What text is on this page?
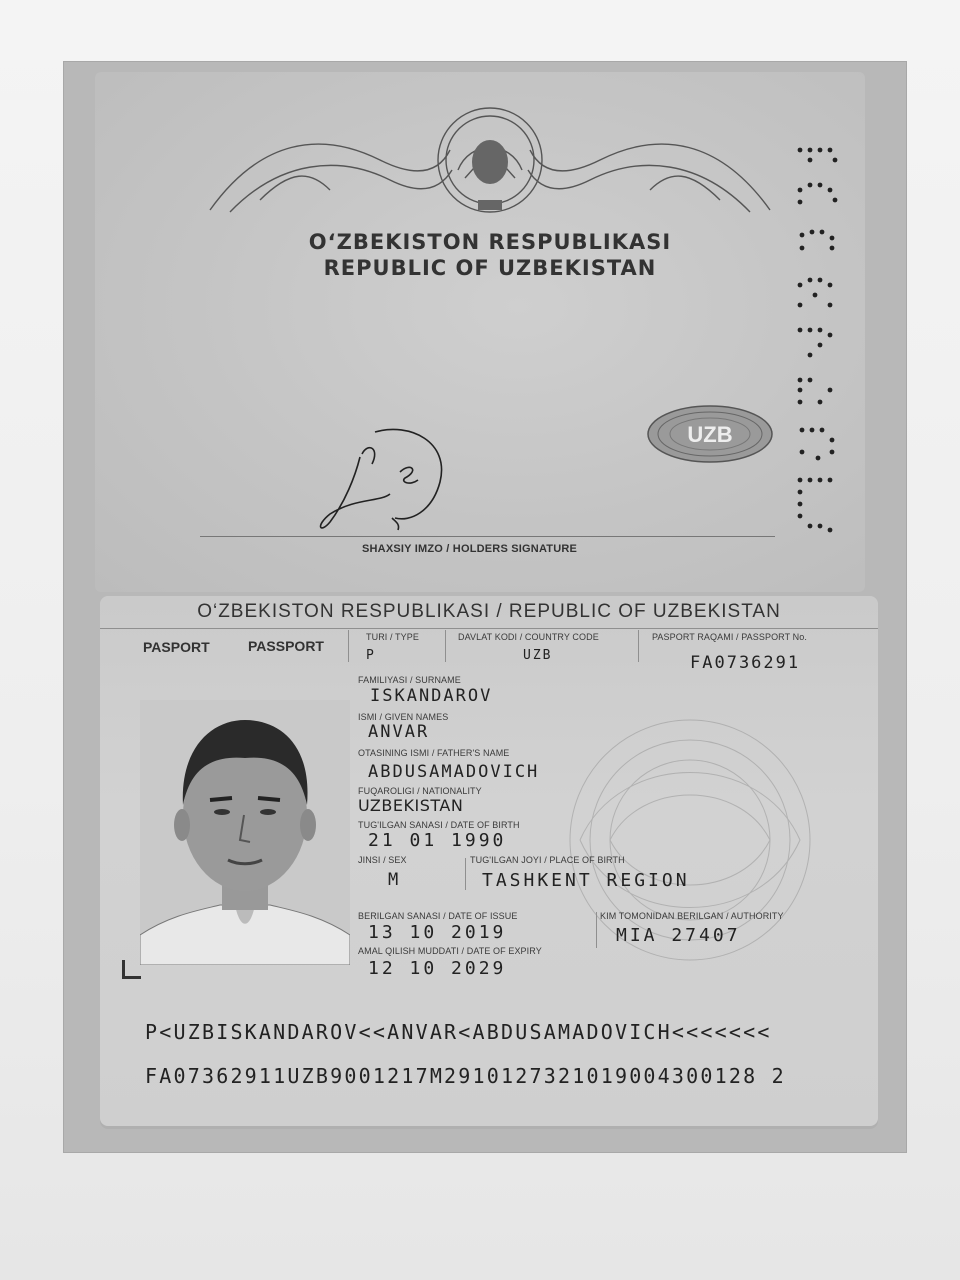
O‘ZBEKISTON RESPUBLIKASI
REPUBLIC OF UZBEKISTAN
UZB
SHAXSIY IMZO / HOLDERS SIGNATURE
O‘ZBEKISTON RESPUBLIKASI / REPUBLIC OF UZBEKISTAN
PASPORT	PASSPORT
TURI / TYPE
P
DAVLAT KODI / COUNTRY CODE
UZB
PASPORT RAQAMI / PASSPORT No.
FA0736291
FAMILIYASI / SURNAME
ISKANDAROV
ISMI / GIVEN NAMES
ANVAR
OTASINING ISMI / FATHER'S NAME
ABDUSAMADOVICH
FUQAROLIGI / NATIONALITY
UZBEKISTAN
TUG'ILGAN SANASI / DATE OF BIRTH
21 01 1990
JINSI / SEX
M
TUG'ILGAN JOYI / PLACE OF BIRTH
TASHKENT REGION
BERILGAN SANASI / DATE OF ISSUE
13 10 2019
KIM TOMONIDAN BERILGAN / AUTHORITY
MIA 27407
AMAL QILISH MUDDATI / DATE OF EXPIRY
12 10 2029
P<UZBISKANDAROV<<ANVAR<ABDUSAMADOVICH<<<<<<<
FA07362911UZB9001217M2910127321019004300128 2
